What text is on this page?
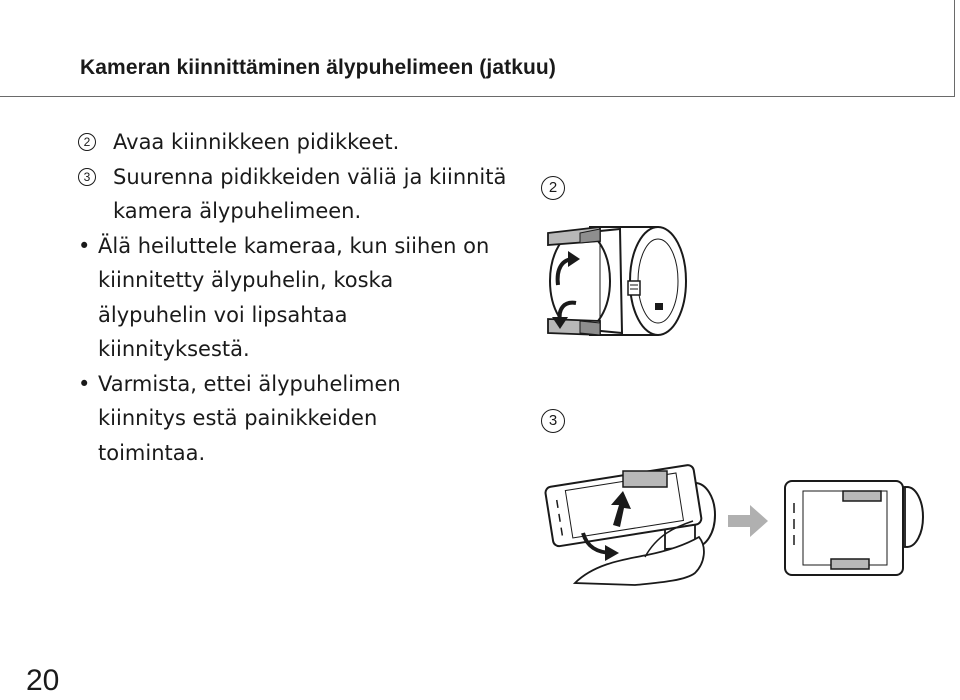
Kameran kiinnittäminen älypuhelimeen (jatkuu)
2 Avaa kiinnikkeen pidikkeet.
3 Suurenna pidikkeiden väliä ja kiinnitä kamera älypuhelimeen.
• Älä heiluttele kameraa, kun siihen on kiinnitetty älypuhelin, koska älypuhelin voi lipsahtaa kiinnityksestä.
• Varmista, ettei älypuhelimen kiinnitys estä painikkeiden toimintaa.
2
3
20
